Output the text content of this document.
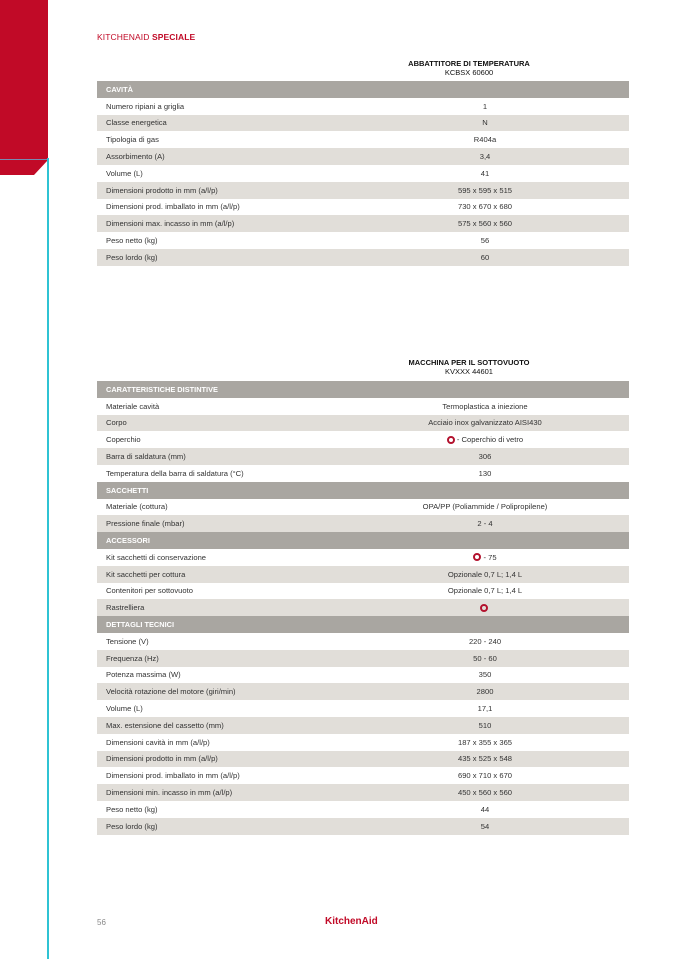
KITCHENAID SPECIALE
ABBATTITORE DI TEMPERATURA
KCBSX 60600
CAVITÀ
Numero ripiani a griglia	1
Classe energetica	N
Tipologia di gas	R404a
Assorbimento (A)	3,4
Volume (L)	41
Dimensioni prodotto in mm (a/l/p)	595 x 595 x 515
Dimensioni prod. imballato in mm (a/l/p)	730 x 670 x 680
Dimensioni max. incasso in mm (a/l/p)	575 x 560 x 560
Peso netto (kg)	56
Peso lordo (kg)	60
MACCHINA PER IL SOTTOVUOTO
KVXXX 44601
CARATTERISTICHE DISTINTIVE
Materiale cavità	Termoplastica a iniezione
Corpo	Acciaio inox galvanizzato AISI430
Coperchio	- Coperchio di vetro
Barra di saldatura (mm)	306
Temperatura della barra di saldatura (°C)	130
SACCHETTI
Materiale (cottura)	OPA/PP (Poliammide / Polipropilene)
Pressione finale (mbar)	2 - 4
ACCESSORI
Kit sacchetti di conservazione	- 75
Kit sacchetti per cottura	Opzionale 0,7 L; 1,4 L
Contenitori per sottovuoto	Opzionale 0,7 L; 1,4 L
Rastrelliera
DETTAGLI TECNICI
Tensione (V)	220 - 240
Frequenza (Hz)	50 - 60
Potenza massima (W)	350
Velocità rotazione del motore (giri/min)	2800
Volume (L)	17,1
Max. estensione del cassetto (mm)	510
Dimensioni cavità in mm (a/l/p)	187 x 355 x 365
Dimensioni prodotto in mm (a/l/p)	435 x 525 x 548
Dimensioni prod. imballato in mm (a/l/p)	690 x 710 x 670
Dimensioni min. incasso in mm (a/l/p)	450 x 560 x 560
Peso netto (kg)	44
Peso lordo (kg)	54
56	KitchenAid
